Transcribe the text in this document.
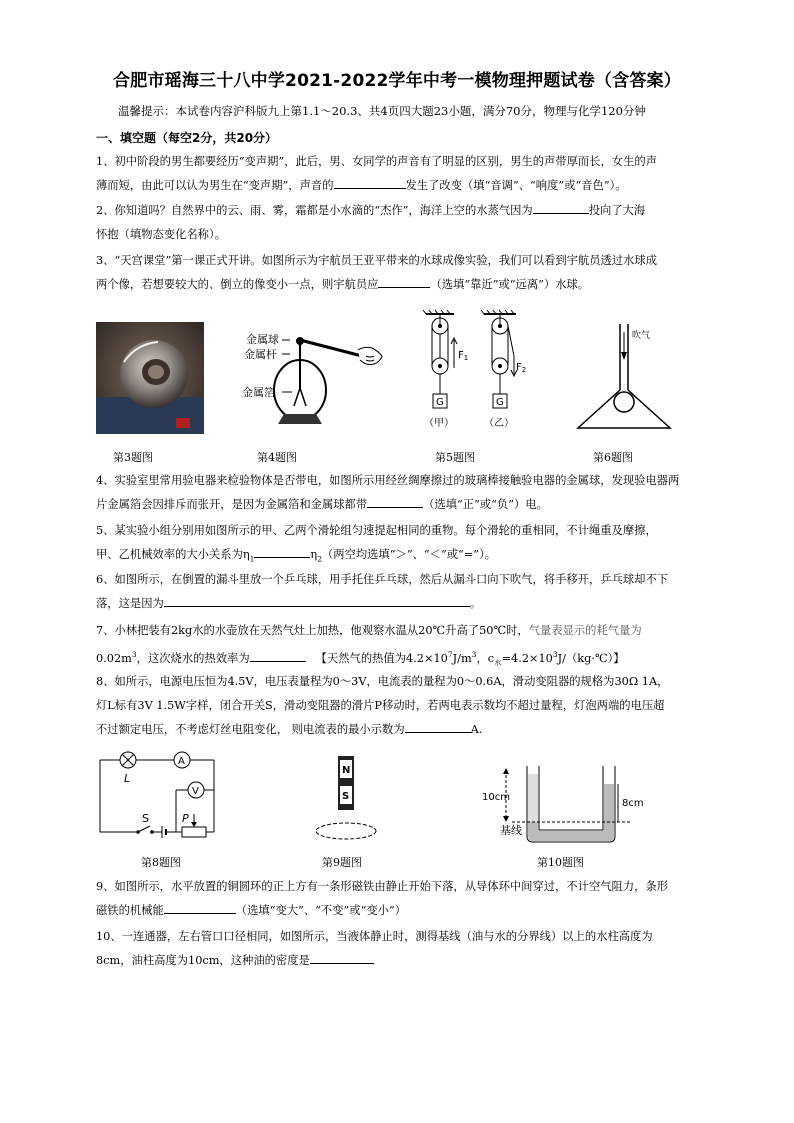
合肥市瑶海三十八中学2021-2022学年中考一模物理押题试卷（含答案）
温馨提示：本试卷内容沪科版九上第1.1～20.3、共4页四大题23小题，满分70分，物理与化学120分钟
一、填空题（每空2分，共20分）
1、初中阶段的男生都要经历“变声期”，此后，男、女同学的声音有了明显的区别，男生的声带厚而长，女生的声
薄而短，由此可以认为男生在“变声期”，声音的	发生了改变（填“音调”、“响度”或“音色”）。
2、你知道吗？自然界中的云、雨、雾，霜都是小水滴的“杰作”，海洋上空的水蒸气因为	投向了大海
怀抱（填物态变化名称）。
3、“天宫课堂”第一课正式开讲。如图所示为宇航员王亚平带来的水球成像实验，我们可以看到宇航员透过水球成
两个像，若想要较大的、倒立的像变小一点，则宇航员应	（选填“靠近”或“远离”）水球。
金属球
金属杆
金属箔
G
$F_1$
G
$F_2$
（甲）	（乙）
吹气
第3题图	第4题图	第5题图	第6题图
4、实验室里常用验电器来检验物体是否带电，如图所示用经丝绸摩擦过的玻璃棒接触验电器的金属球，发现验电器两
片金属箔会因排斥而张开，是因为金属箔和金属球都带	（选填“正”或“负”）电。
5、某实验小组分别用如图所示的甲、乙两个滑轮组匀速提起相同的重物。每个滑轮的重相同，不计绳重及摩擦，
甲、乙机械效率的大小关系为$\eta_1$	$\eta_2$（两空均选填“＞”、“＜”或“=”）。
6、如图所示，在倒置的漏斗里放一个乒乓球，用手托住乒乓球，然后从漏斗口向下吹气，将手移开，乒乓球却不下
落，这是因为	。
7、小林把装有2kg水的水壶放在天然气灶上加热，他观察水温从20℃升高了50℃时，气量表显示的耗气量为
$0.02m^3$，这次烧水的热效率为	【天然气的热值为$4.2\times 10^7J/m^3$，$c_水=4.2\times 10^3J/(kg\cdot℃)$】
8、如所示，电源电压恒为4.5V，电压表量程为0～3V，电流表的量程为0～0.6A，滑动变阻器的规格为30Ω 1A，
灯L标有3V 1.5W字样，闭合开关S，滑动变阻器的滑片P移动时，若两电表示数均不超过量程，灯泡两端的电压超
不过额定电压，不考虑灯丝电阻变化， 则电流表的最小示数为	A.
A
V
L
S	P
N
S	10cm
8cm
基线
第8题图	第9题图	第10题图
9、如图所示，水平放置的铜圆环的正上方有一条形磁铁由静止开始下落，从导体环中间穿过，不计空气阻力，条形
磁铁的机械能	（选填“变大”、“不变”或“变小”）
10、一连通器，左右管口口径相同，如图所示，当液体静止时，测得基线（油与水的分界线）以上的水柱高度为
8cm，油柱高度为10cm，这种油的密度是
